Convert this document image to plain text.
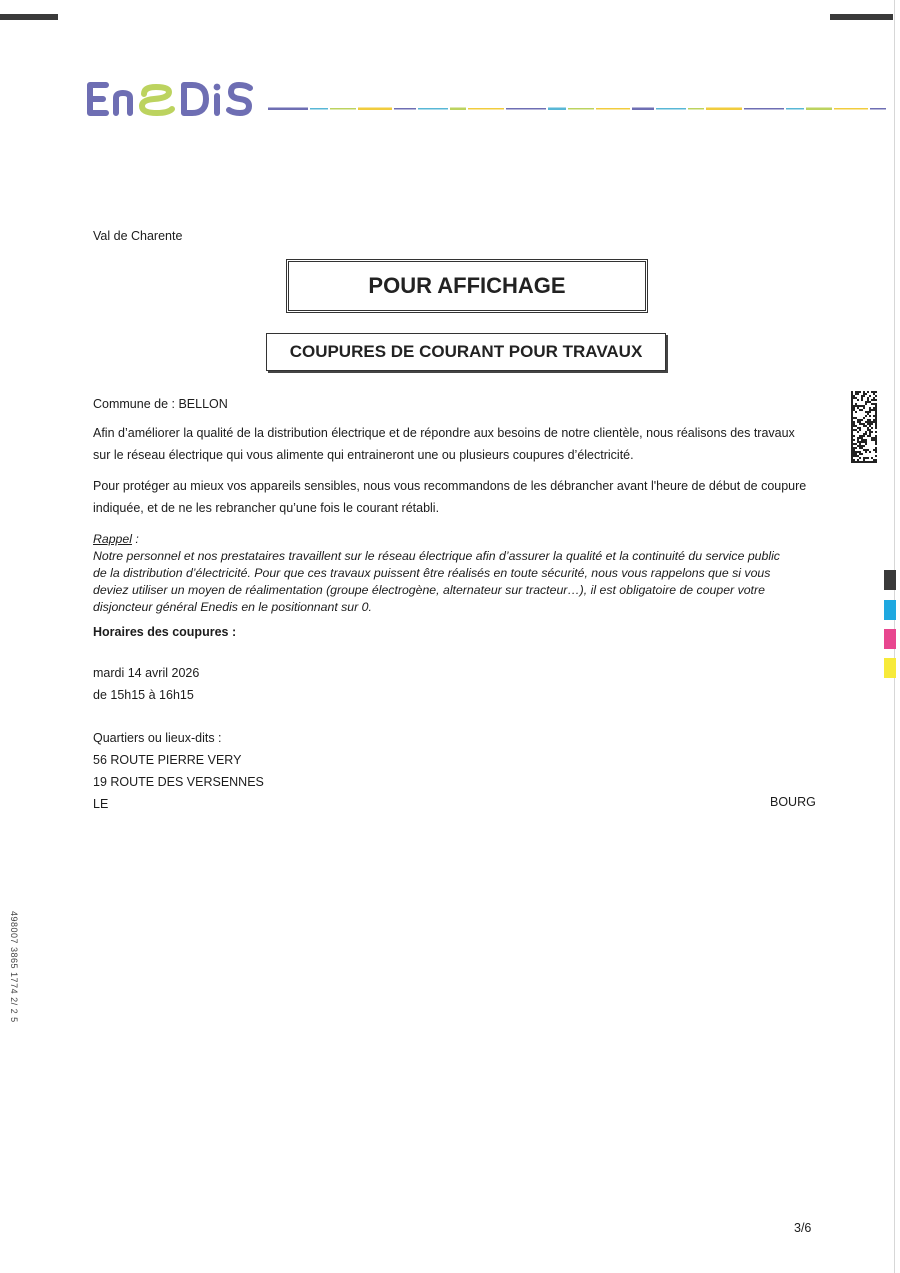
Val de Charente
POUR AFFICHAGE
COUPURES DE COURANT POUR TRAVAUX
Commune de : BELLON

Afin d’améliorer la qualité de la distribution électrique et de répondre aux besoins de notre clientèle, nous réalisons des travaux

sur le réseau électrique qui vous alimente qui entraineront une ou plusieurs coupures d’électricité.

Pour protéger au mieux vos appareils sensibles, nous vous recommandons de les débrancher avant l'heure de début de coupure

indiquée, et de ne les rebrancher qu’une fois le courant rétabli.

Rappel :

Notre personnel et nos prestataires travaillent sur le réseau électrique afin d’assurer la qualité et la continuité du service public

de la distribution d’électricité. Pour que ces travaux puissent être réalisés en toute sécurité, nous vous rappelons que si vous

deviez utiliser un moyen de réalimentation (groupe électrogène, alternateur sur tracteur…), il est obligatoire de couper votre

disjoncteur général Enedis en le positionnant sur 0.

Horaires des coupures :
mardi 14 avril 2026
de 15h15 à 16h15
Quartiers ou lieux-dits :
56 ROUTE PIERRE VERY
19 ROUTE DES VERSENNES
LE	BOURG
3/6
498007 3865 1774 2/ 2 5
